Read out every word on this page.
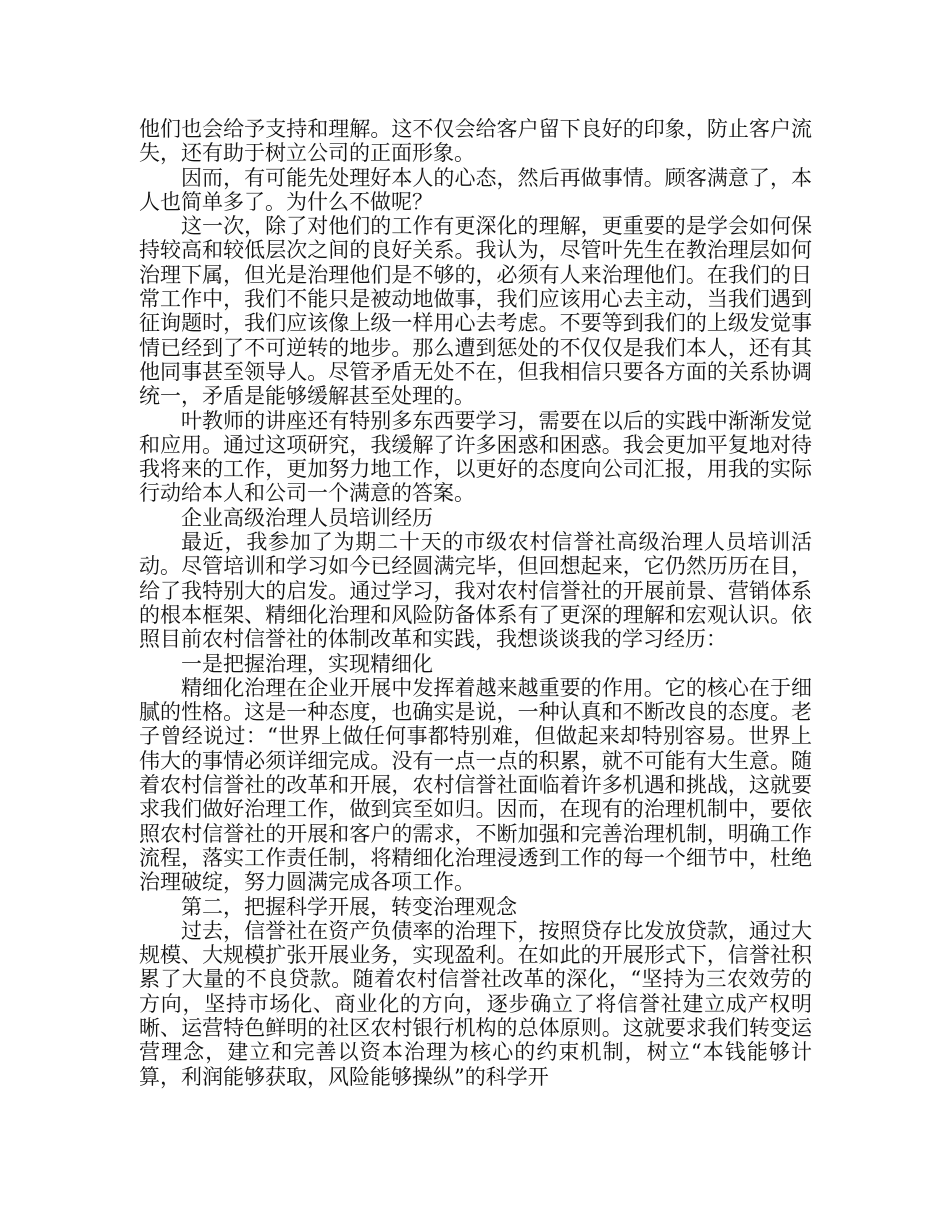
他们也会给予支持和理解。这不仅会给客户留下良好的印象，防止客户流失，还有助于树立公司的正面形象。

因而，有可能先处理好本人的心态，然后再做事情。顾客满意了，本人也简单多了。为什么不做呢？

这一次，除了对他们的工作有更深化的理解，更重要的是学会如何保持较高和较低层次之间的良好关系。我认为，尽管叶先生在教治理层如何治理下属，但光是治理他们是不够的，必须有人来治理他们。在我们的日常工作中，我们不能只是被动地做事，我们应该用心去主动，当我们遇到征询题时，我们应该像上级一样用心去考虑。不要等到我们的上级发觉事情已经到了不可逆转的地步。那么遭到惩处的不仅仅是我们本人，还有其他同事甚至领导人。尽管矛盾无处不在，但我相信只要各方面的关系协调统一，矛盾是能够缓解甚至处理的。

叶教师的讲座还有特别多东西要学习，需要在以后的实践中渐渐发觉和应用。通过这项研究，我缓解了许多困惑和困惑。我会更加平复地对待我将来的工作，更加努力地工作，以更好的态度向公司汇报，用我的实际行动给本人和公司一个满意的答案。

企业高级治理人员培训经历

最近，我参加了为期二十天的市级农村信誉社高级治理人员培训活动。尽管培训和学习如今已经圆满完毕，但回想起来，它仍然历历在目，给了我特别大的启发。通过学习，我对农村信誉社的开展前景、营销体系的根本框架、精细化治理和风险防备体系有了更深的理解和宏观认识。依照目前农村信誉社的体制改革和实践，我想谈谈我的学习经历：

一是把握治理，实现精细化

精细化治理在企业开展中发挥着越来越重要的作用。它的核心在于细腻的性格。这是一种态度，也确实是说，一种认真和不断改良的态度。老子曾经说过：“世界上做任何事都特别难，但做起来却特别容易。世界上伟大的事情必须详细完成。没有一点一点的积累，就不可能有大生意。随着农村信誉社的改革和开展，农村信誉社面临着许多机遇和挑战，这就要求我们做好治理工作，做到宾至如归。因而，在现有的治理机制中，要依照农村信誉社的开展和客户的需求，不断加强和完善治理机制，明确工作流程，落实工作责任制，将精细化治理浸透到工作的每一个细节中，杜绝治理破绽，努力圆满完成各项工作。

第二，把握科学开展，转变治理观念

过去，信誉社在资产负债率的治理下，按照贷存比发放贷款，通过大规模、大规模扩张开展业务，实现盈利。在如此的开展形式下，信誉社积累了大量的不良贷款。随着农村信誉社改革的深化，“坚持为三农效劳的方向，坚持市场化、商业化的方向，逐步确立了将信誉社建立成产权明晰、运营特色鲜明的社区农村银行机构的总体原则。这就要求我们转变运营理念，建立和完善以资本治理为核心的约束机制，树立“本钱能够计算，利润能够获取，风险能够操纵”的科学开
